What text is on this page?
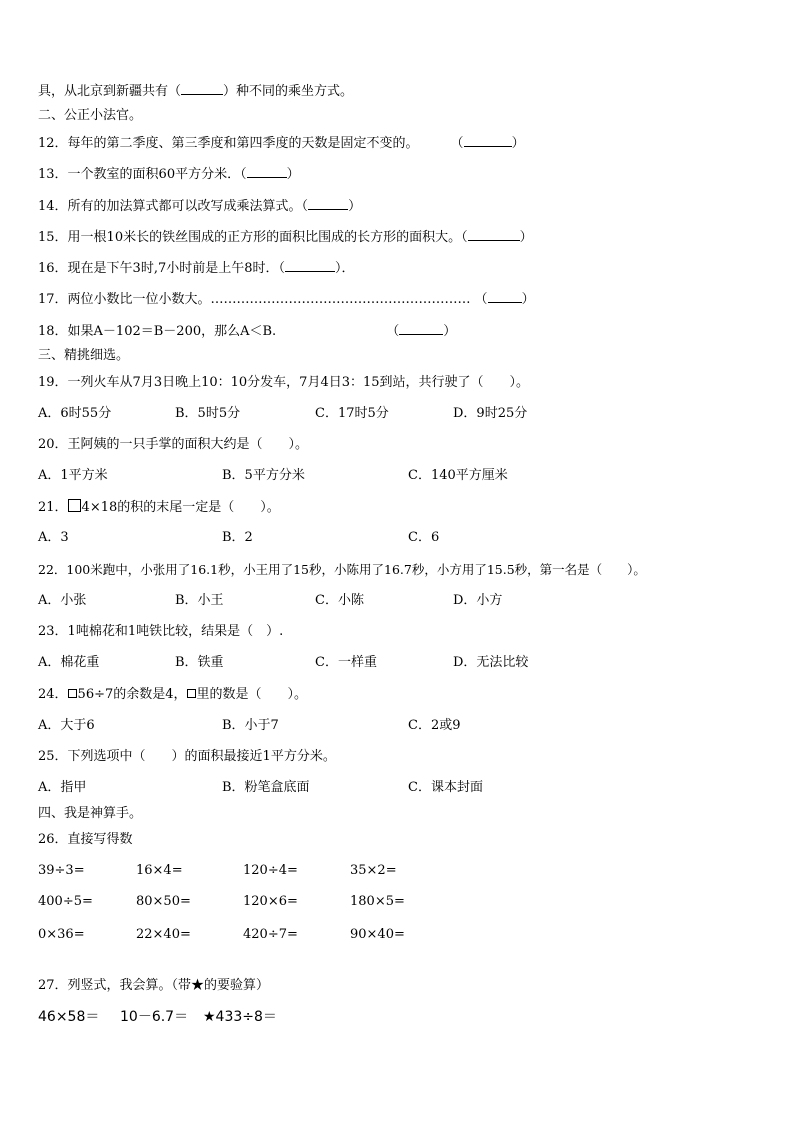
具，从北京到新疆共有（	）种不同的乘坐方式。
二、公正小法官。
12．每年的第二季度、第三季度和第四季度的天数是固定不变的。 （	）
13．一个教室的面积60平方分米．（	）
14．所有的加法算式都可以改写成乘法算式。（	）
15．用一根10米长的铁丝围成的正方形的面积比围成的长方形的面积大。（	）
16．现在是下午3时,7小时前是上午8时．（	）．
17．两位小数比一位小数大。…………………………………………………… （	）
18．如果A－102＝B－200，那么A＜B.	（	）
三、精挑细选。
19．一列火车从7月3日晚上10：10分发车，7月4日3：15到站，共行驶了（　　）。
A．6时55分	B．5时5分	C．17时5分	D．9时25分
20．王阿姨的一只手掌的面积大约是（　　）。
A．1平方米	B．5平方分米	C．140平方厘米
21． 4×18的积的末尾一定是（　　）。
A．3	B．2	C．6
22．100米跑中，小张用了16.1秒，小王用了15秒，小陈用了16.7秒，小方用了15.5秒，第一名是（　　）。
A．小张	B．小王	C．小陈	D．小方
23．1吨棉花和1吨铁比较，结果是（　）.
A．棉花重	B．铁重	C．一样重	D．无法比较
24． 56÷7的余数是4， 里的数是（　　）。
A．大于6	B．小于7	C．2或9
25．下列选项中（　　）的面积最接近1平方分米。
A．指甲	B．粉笔盒底面	C．课本封面
四、我是神算手。
26．直接写得数
39÷3=	16×4=	120÷4=	35×2=
400÷5=	80×50=	120×6=	180×5=
0×36=	22×40=	420÷7=	90×40=
27．列竖式，我会算。（带★的要验算）
46×58＝ 10－6.7＝ ★433÷8＝
